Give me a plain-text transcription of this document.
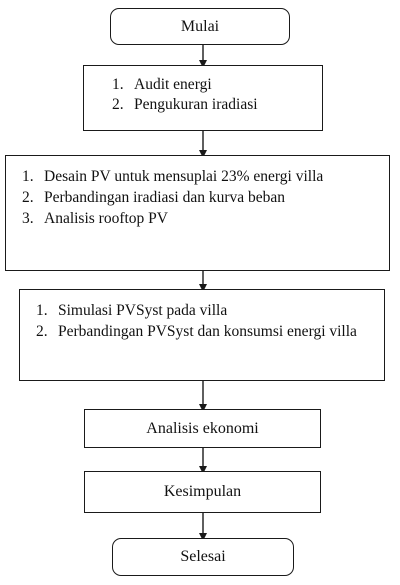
Mulai
1. Audit energi
2. Pengukuran iradiasi
1. Desain PV untuk mensuplai 23% energi villa
2. Perbandingan iradiasi dan kurva beban
3. Analisis rooftop PV
1. Simulasi PVSyst pada villa
2. Perbandingan PVSyst dan konsumsi energi villa
Analisis ekonomi
Kesimpulan
Selesai
